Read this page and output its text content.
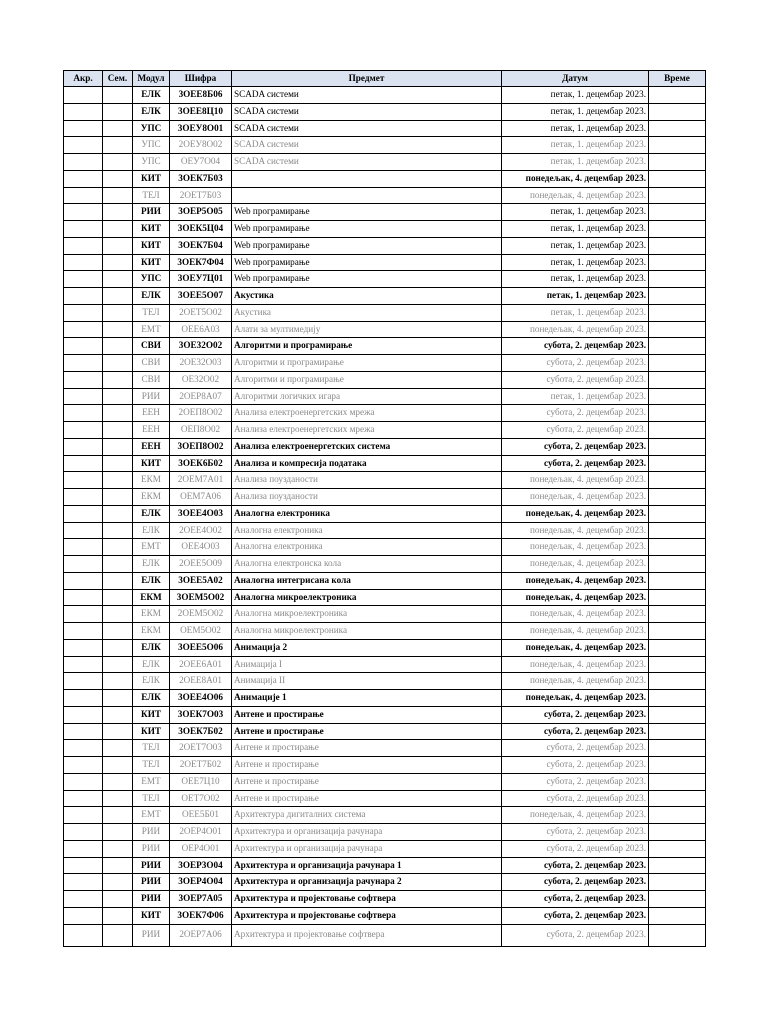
Акр.	Сем.	Модул	Шифра	Предмет	Датум	Време
		ЕЛК	3ОЕЕ8Б06	SCADA системи	петак, 1. децембар 2023.	
		ЕЛК	3ОЕЕ8Ц10	SCADA системи	петак, 1. децембар 2023.	
		УПС	3ОЕУ8О01	SCADA системи	петак, 1. децембар 2023.	
		УПС	2ОЕУ8О02	SCADA системи	петак, 1. децембар 2023.	
		УПС	ОЕУ7О04	SCADA системи	петак, 1. децембар 2023.	
		КИТ	3ОЕК7Б03		понедељак, 4. децембар 2023.	
		ТЕЛ	2ОЕТ7Б03		понедељак, 4. децембар 2023.	
		РИИ	3ОЕР5О05	Web програмирање	петак, 1. децембар 2023.	
		КИТ	3ОЕК5Ц04	Web програмирање	петак, 1. децембар 2023.	
		КИТ	3ОЕК7Б04	Web програмирање	петак, 1. децембар 2023.	
		КИТ	3ОЕК7Ф04	Web програмирање	петак, 1. децембар 2023.	
		УПС	3ОЕУ7Ц01	Web програмирање	петак, 1. децембар 2023.	
		ЕЛК	3ОЕЕ5О07	Акустика	петак, 1. децембар 2023.	
		ТЕЛ	2ОЕТ5О02	Акустика	петак, 1. децембар 2023.	
		ЕМТ	ОЕЕ6А03	Алати за мултимедију	понедељак, 4. децембар 2023.	
		СВИ	3ОЕ32О02	Алгоритми и програмирање	субота, 2. децембар 2023.	
		СВИ	2ОЕ32О03	Алгоритми и програмирање	субота, 2. децембар 2023.	
		СВИ	ОЕ32О02	Алгоритми и програмирање	субота, 2. децембар 2023.	
		РИИ	2ОЕР8А07	Алгоритми логичких игара	петак, 1. децембар 2023.	
		ЕЕН	2ОЕП8О02	Анализа електроенергетских мрежа	субота, 2. децембар 2023.	
		ЕЕН	ОЕП8О02	Анализа електроенергетских мрежа	субота, 2. децембар 2023.	
		ЕЕН	3ОЕП8О02	Анализа електроенергетских система	субота, 2. децембар 2023.	
		КИТ	3ОЕК6Б02	Анализа и компресија података	субота, 2. децембар 2023.	
		ЕКМ	2ОЕМ7А01	Анализа поузданости	понедељак, 4. децембар 2023.	
		ЕКМ	ОЕМ7А06	Анализа поузданости	понедељак, 4. децембар 2023.	
		ЕЛК	3ОЕЕ4О03	Аналогна електроника	понедељак, 4. децембар 2023.	
		ЕЛК	2ОЕЕ4О02	Аналогна електроника	понедељак, 4. децембар 2023.	
		ЕМТ	ОЕЕ4О03	Аналогна електроника	понедељак, 4. децембар 2023.	
		ЕЛК	2ОЕЕ5О09	Аналогна електронска кола	понедељак, 4. децембар 2023.	
		ЕЛК	3ОЕЕ5А02	Аналогна интегрисана кола	понедељак, 4. децембар 2023.	
		ЕКМ	3ОЕМ5О02	Аналогна микроелектроника	понедељак, 4. децембар 2023.	
		ЕКМ	2ОЕМ5О02	Аналогна микроелектроника	понедељак, 4. децембар 2023.	
		ЕКМ	ОЕМ5О02	Аналогна микроелектроника	понедељак, 4. децембар 2023.	
		ЕЛК	3ОЕЕ5О06	Анимација 2	понедељак, 4. децембар 2023.	
		ЕЛК	2ОЕЕ6А01	Анимација I	понедељак, 4. децембар 2023.	
		ЕЛК	2ОЕЕ8А01	Анимација II	понедељак, 4. децембар 2023.	
		ЕЛК	3ОЕЕ4О06	Анимације 1	понедељак, 4. децембар 2023.	
		КИТ	3ОЕК7О03	Антене и простирање	субота, 2. децембар 2023.	
		КИТ	3ОЕК7Б02	Антене и простирање	субота, 2. децембар 2023.	
		ТЕЛ	2ОЕТ7О03	Антене и простирање	субота, 2. децембар 2023.	
		ТЕЛ	2ОЕТ7Б02	Антене и простирање	субота, 2. децембар 2023.	
		ЕМТ	ОЕЕ7Ц10	Антене и простирање	субота, 2. децембар 2023.	
		ТЕЛ	ОЕТ7О02	Антене и простирање	субота, 2. децембар 2023.	
		ЕМТ	ОЕЕ5Б01	Архитектура дигиталних система	понедељак, 4. децембар 2023.	
		РИИ	2ОЕР4О01	Архитектура и организација рачунара	субота, 2. децембар 2023.	
		РИИ	ОЕР4О01	Архитектура и организација рачунара	субота, 2. децембар 2023.	
		РИИ	3ОЕР3О04	Архитектура и организација рачунара 1	субота, 2. децембар 2023.	
		РИИ	3ОЕР4О04	Архитектура и организација рачунара 2	субота, 2. децембар 2023.	
		РИИ	3ОЕР7А05	Архитектура и пројектовање софтвера	субота, 2. децембар 2023.	
		КИТ	3ОЕК7Ф06	Архитектура и пројектовање софтвера	субота, 2. децембар 2023.	
		РИИ	2ОЕР7А06	Архитектура и пројектовање софтвера	субота, 2. децембар 2023.	
